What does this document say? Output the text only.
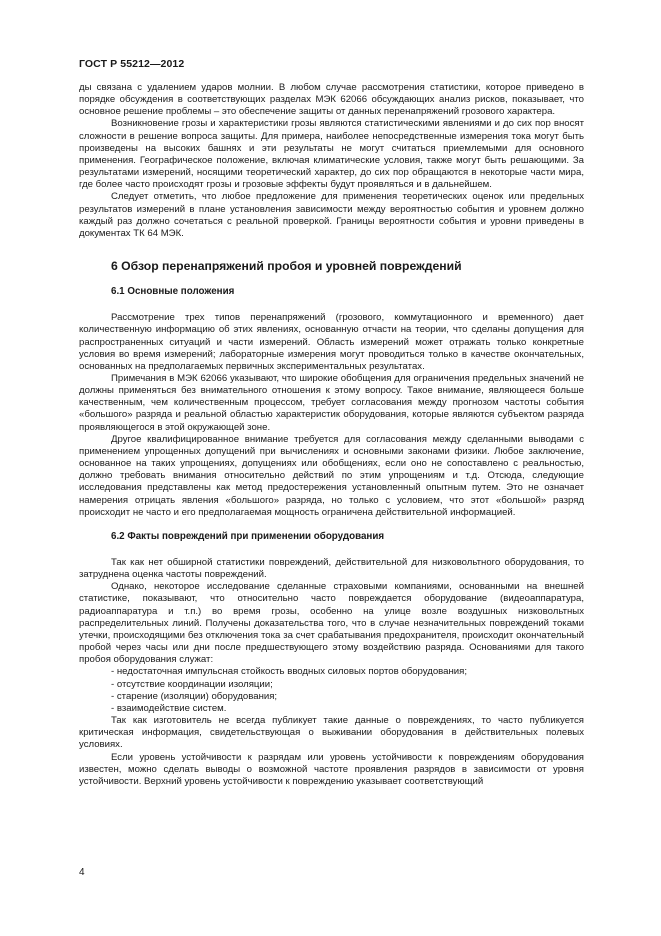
ГОСТ Р 55212—2012

ды связана с удалением ударов молнии. В любом случае рассмотрения статистики, которое приведено в порядке обсуждения в соответствующих разделах МЭК 62066 обсуждающих анализ рисков, показывает, что основное решение проблемы – это обеспечение защиты от данных перенапряжений грозового характера.

Возникновение грозы и характеристики грозы являются статистическими явлениями и до сих пор вносят сложности в решение вопроса защиты. Для примера, наиболее непосредственные измерения тока могут быть произведены на высоких башнях и эти результаты не могут считаться приемлемыми для основного применения. Географическое положение, включая климатические условия, также могут быть решающими. За результатами измерений, носящими теоретический характер, до сих пор обращаются в некоторые части мира, где более часто происходят грозы и грозовые эффекты будут проявляться и в дальнейшем.

Следует отметить, что любое предложение для применения теоретических оценок или предельных результатов измерений в плане установления зависимости между вероятностью события и уровнем должно каждый раз должно сочетаться с реальной проверкой. Границы вероятности события и уровни приведены в документах ТК 64 МЭК.

6 Обзор перенапряжений пробоя и уровней повреждений
6.1 Основные положения

Рассмотрение трех типов перенапряжений (грозового, коммутационного и временного) дает количественную информацию об этих явлениях, основанную отчасти на теории, что сделаны допущения для распространенных ситуаций и части измерений. Область измерений может отражать только конкретные условия во время измерений; лабораторные измерения могут проводиться только в качестве окончательных, основанных на предполагаемых первичных экспериментальных результатах.

Примечания в МЭК 62066 указывают, что широкие обобщения для ограничения предельных значений не должны применяться без внимательного отношения к этому вопросу. Такое внимание, являющееся больше качественным, чем количественным процессом, требует согласования между прогнозом частоты события «большого» разряда и реальной областью характеристик оборудования, которые являются субъектом разряда проявляющегося в этой окружающей зоне.

Другое квалифицированное внимание требуется для согласования между сделанными выводами с применением упрощенных допущений при вычислениях и основными законами физики. Любое заключение, основанное на таких упрощениях, допущениях или обобщениях, если оно не сопоставлено с реальностью, должно требовать внимания относительно действий по этим упрощениям и т.д. Отсюда, следующие исследования представлены как метод предостережения установленный опытным путем. Это не означает намерения отрицать явления «большого» разряда, но только с условием, что этот «большой» разряд происходит не часто и его предполагаемая мощность ограничена действительной информацией.

6.2 Факты повреждений при применении оборудования

Так как нет обширной статистики повреждений, действительной для низковольтного оборудования, то затруднена оценка частоты повреждений.

Однако, некоторое исследование сделанные страховыми компаниями, основанными на внешней статистике, показывают, что относительно часто повреждается оборудование (видеоаппаратура, радиоаппаратура и т.п.) во время грозы, особенно на улице возле воздушных низковольтных распределительных линий. Получены доказательства того, что в случае незначительных повреждений токами утечки, происходящими без отключения тока за счет срабатывания предохранителя, происходит окончательный пробой через часы или дни после предшествующего этому воздействию разряда. Основаниями для такого пробоя оборудования служат:

- недостаточная импульсная стойкость вводных силовых портов оборудования;
- отсутствие координации изоляции;
- старение (изоляции) оборудования;
- взаимодействие систем.

Так как изготовитель не всегда публикует такие данные о повреждениях, то часто публикуется критическая информация, свидетельствующая о выживании оборудования в действительных полевых условиях.

Если уровень устойчивости к разрядам или уровень устойчивости к повреждениям оборудования известен, можно сделать выводы о возможной частоте проявления разрядов в зависимости от уровня устойчивости. Верхний уровень устойчивости к повреждению указывает соответствующий

4
